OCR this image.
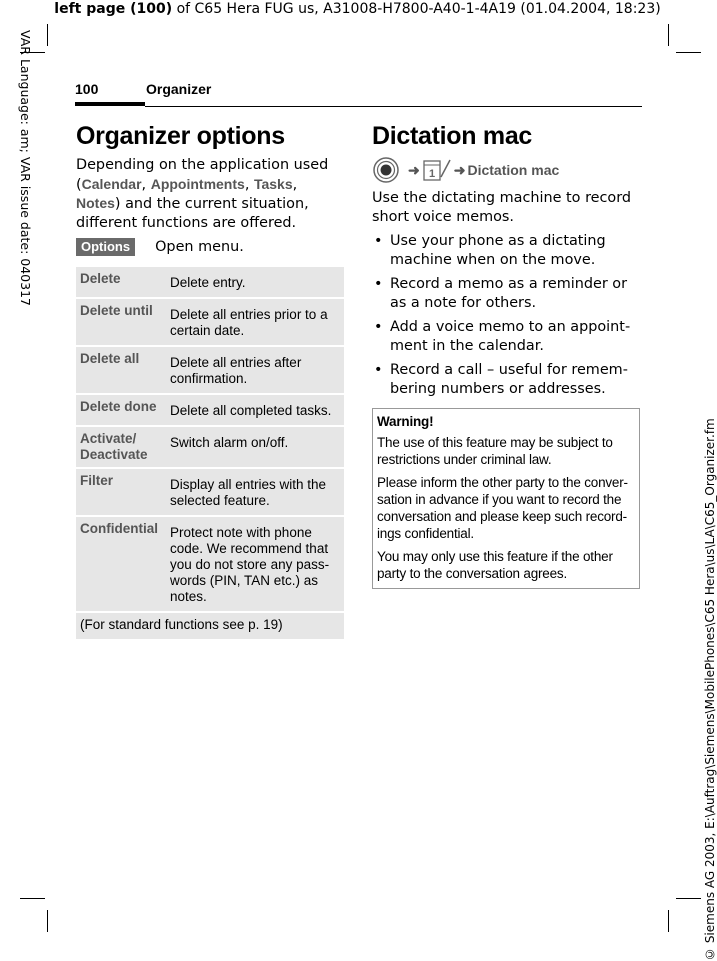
left page (100) of C65 Hera FUG us, A31008-H7800-A40-1-4A19 (01.04.2004, 18:23)
VAR Language: am; VAR issue date: 040317
© Siemens AG 2003, E:\Auftrag\Siemens\MobilePhones\C65 Hera\us\LA\C65_Organizer.fm
100	Organizer
Organizer options
Depending on the application used (Calendar, Appointments, Tasks, Notes) and the current situation, different functions are offered.
Options	Open menu.
Delete	Delete entry.
Delete until	Delete all entries prior to a certain date.
Delete all	Delete all entries after confirmation.
Delete done	Delete all completed tasks.
Activate/
Deactivate	Switch alarm on/off.
Filter	Display all entries with the selected feature.
Confidential	Protect note with phone code. We recommend that you do not store any pass-words (PIN, TAN etc.) as notes.
(For standard functions see p. 19)	
Dictation mac
➜ 1 ➜ Dictation mac
Use the dictating machine to record short voice memos.
• Use your phone as a dictating machine when on the move.
• Record a memo as a reminder or as a note for others.
• Add a voice memo to an appoint-ment in the calendar.
• Record a call – useful for remem-bering numbers or addresses.

Warning!

The use of this feature may be subject to restrictions under criminal law.

Please inform the other party to the conver-sation in advance if you want to record the conversation and please keep such record-ings confidential.

You may only use this feature if the other party to the conversation agrees.
